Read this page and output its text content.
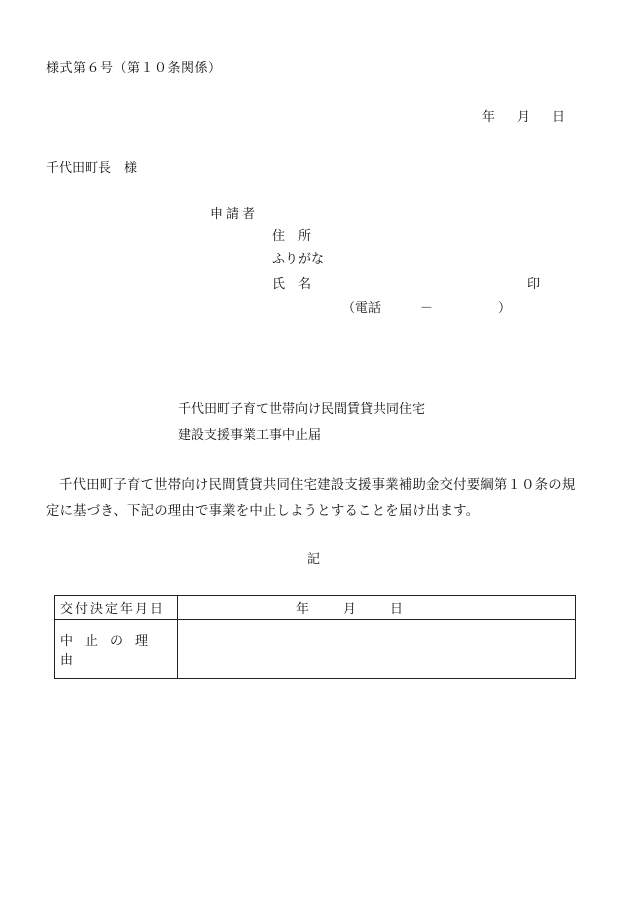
様式第６号（第１０条関係）
年 月 日
千代田町長　様
申請者
住　所
ふりがな
氏　名	印
（電話　　　－　　　　　）
千代田町子育て世帯向け民間賃貸共同住宅
建設支援事業工事中止届
千代田町子育て世帯向け民間賃貸共同住宅建設支援事業補助金交付要綱第１０条の規定に基づき、下記の理由で事業を中止しようとすることを届け出ます。
記
交付決定年月日	年 月 日
中止の理由	
